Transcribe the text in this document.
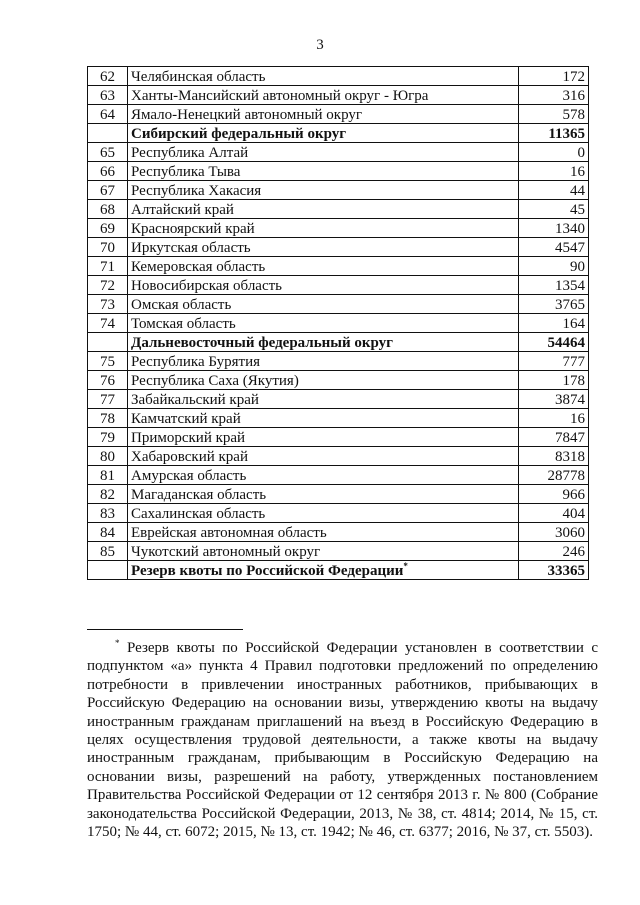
3
62	Челябинская область	172
63	Ханты-Мансийский автономный округ - Югра	316
64	Ямало-Ненецкий автономный округ	578
	Сибирский федеральный округ	11365
65	Республика Алтай	0
66	Республика Тыва	16
67	Республика Хакасия	44
68	Алтайский край	45
69	Красноярский край	1340
70	Иркутская область	4547
71	Кемеровская область	90
72	Новосибирская область	1354
73	Омская область	3765
74	Томская область	164
	Дальневосточный федеральный округ	54464
75	Республика Бурятия	777
76	Республика Саха (Якутия)	178
77	Забайкальский край	3874
78	Камчатский край	16
79	Приморский край	7847
80	Хабаровский край	8318
81	Амурская область	28778
82	Магаданская область	966
83	Сахалинская область	404
84	Еврейская автономная область	3060
85	Чукотский автономный округ	246
	Резерв квоты по Российской Федерации*	33365
* Резерв квоты по Российской Федерации установлен в соответствии с подпунктом «а» пункта 4 Правил подготовки предложений по определению потребности в привлечении иностранных работников, прибывающих в Российскую Федерацию на основании визы, утверждению квоты на выдачу иностранным гражданам приглашений на въезд в Российскую Федерацию в целях осуществления трудовой деятельности, а также квоты на выдачу иностранным гражданам, прибывающим в Российскую Федерацию на основании визы, разрешений на работу, утвержденных постановлением Правительства Российской Федерации от 12 сентября 2013 г. № 800 (Собрание законодательства Российской Федерации, 2013, № 38, ст. 4814; 2014, № 15, ст. 1750; № 44, ст. 6072; 2015, № 13, ст. 1942; № 46, ст. 6377; 2016, № 37, ст. 5503).
